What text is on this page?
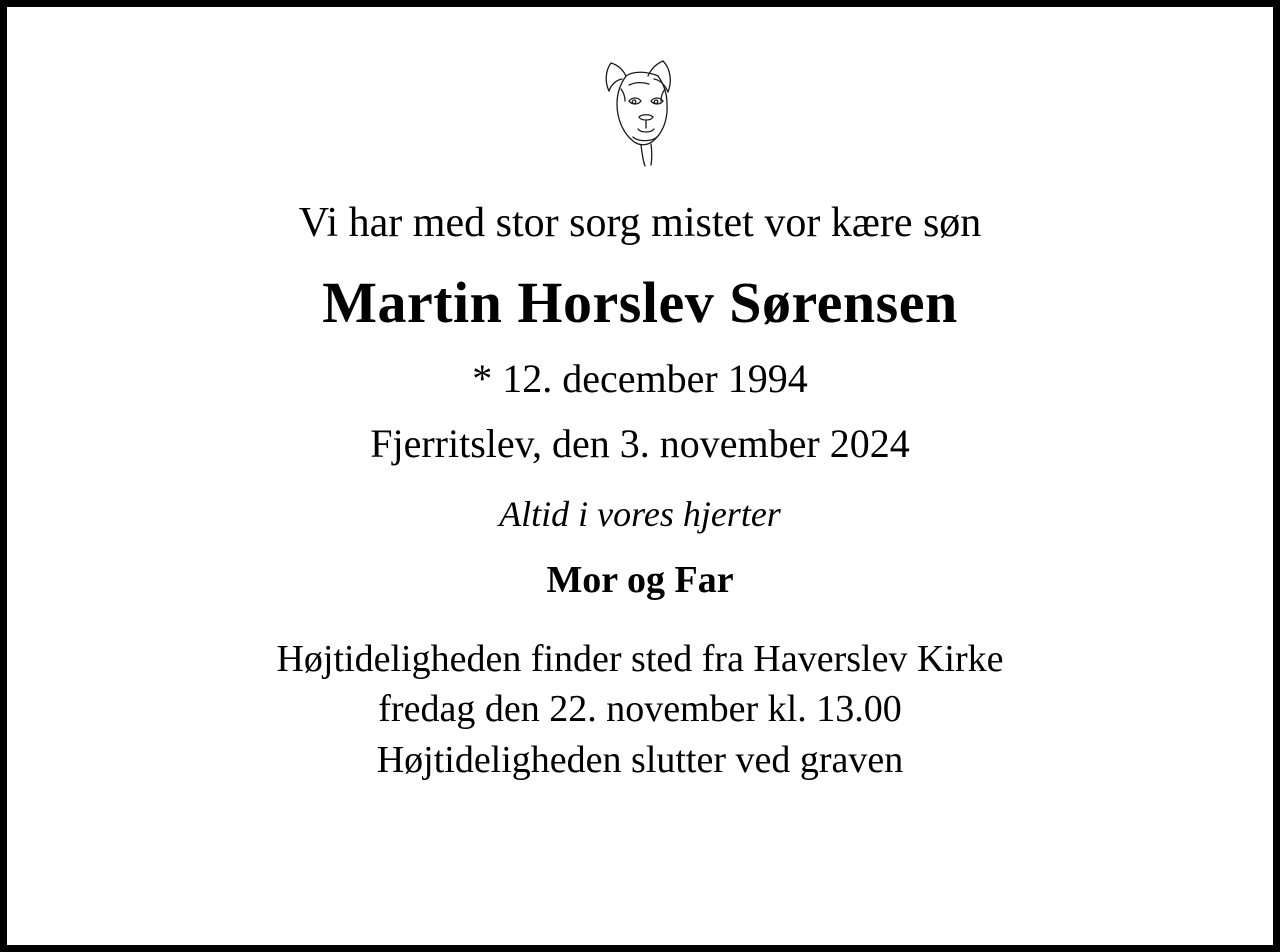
Vi har med stor sorg mistet vor kære søn
Martin Horslev Sørensen
* 12. december 1994
Fjerritslev, den 3. november 2024
Altid i vores hjerter
Mor og Far
Højtideligheden finder sted fra Haverslev Kirke
fredag den 22. november kl. 13.00
Højtideligheden slutter ved graven
